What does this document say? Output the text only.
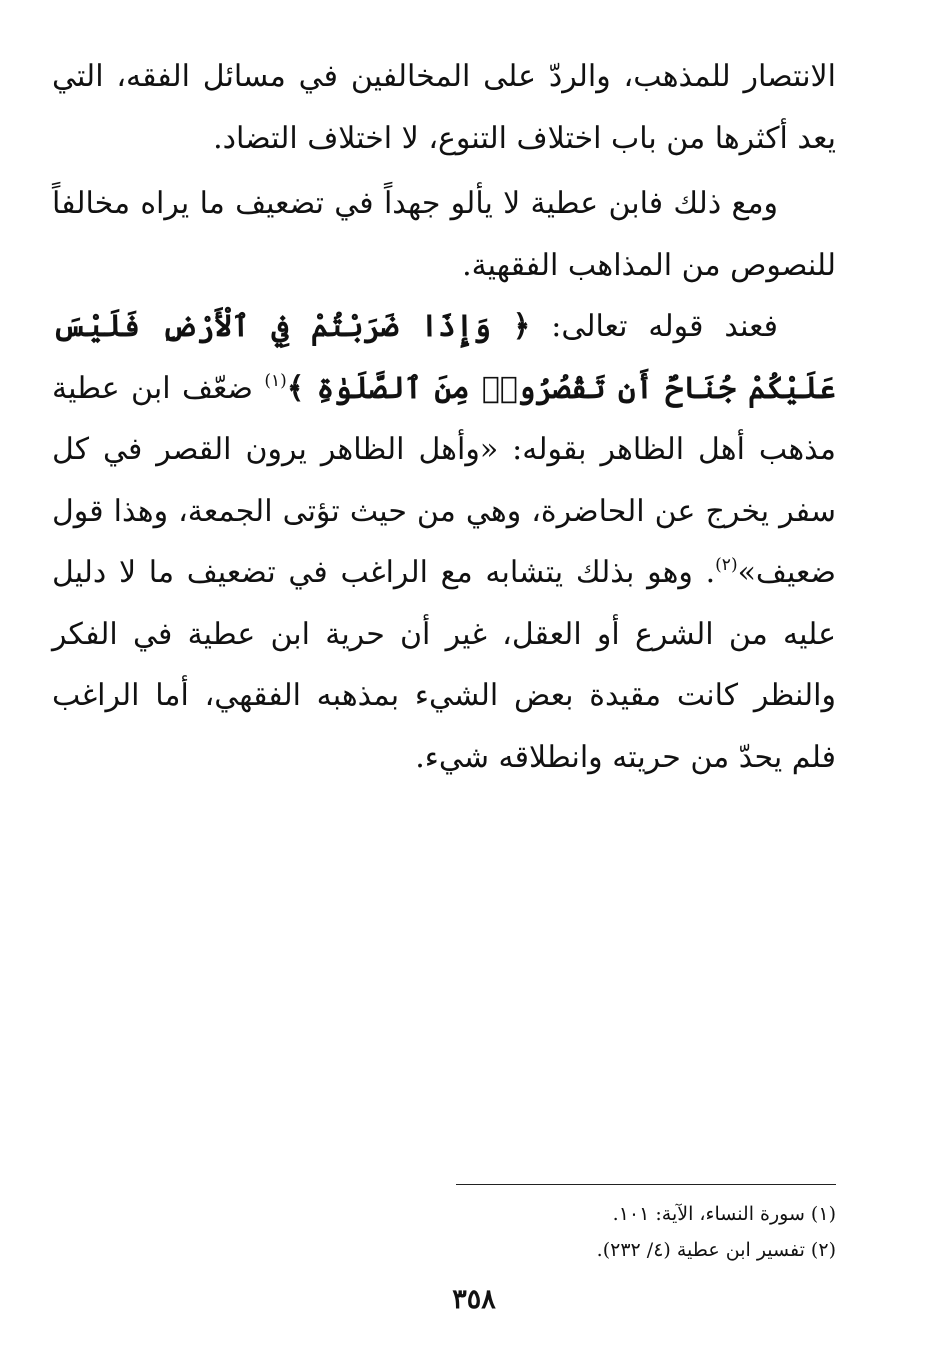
الانتصار للمذهب، والردّ على المخالفين في مسائل الفقه، التي يعد أكثرها من باب اختلاف التنوع، لا اختلاف التضاد.

ومع ذلك فابن عطية لا يألو جهداً في تضعيف ما يراه مخالفاً للنصوص من المذاهب الفقهية.

فعند قوله تعالى: ﴿ وَإِذَا ضَرَبْتُمْ فِي ٱلْأَرْضِ فَلَيْسَ عَلَيْكُمْ جُنَاحٌ أَن تَقْصُرُوا۟ مِنَ ٱلصَّلَوٰةِ ﴾$^{(١)}$ ضعّف ابن عطية مذهب أهل الظاهر بقوله: «وأهل الظاهر يرون القصر في كل سفر يخرج عن الحاضرة، وهي من حيث تؤتى الجمعة، وهذا قول ضعيف»$^{(٢)}$. وهو بذلك يتشابه مع الراغب في تضعيف ما لا دليل عليه من الشرع أو العقل، غير أن حرية ابن عطية في الفكر والنظر كانت مقيدة بعض الشيء بمذهبه الفقهي، أما الراغب فلم يحدّ من حريته وانطلاقه شيء.

(١) سورة النساء، الآية: ١٠١.

(٢) تفسير ابن عطية (٤/ ٢٣٢).

٣٥٨
